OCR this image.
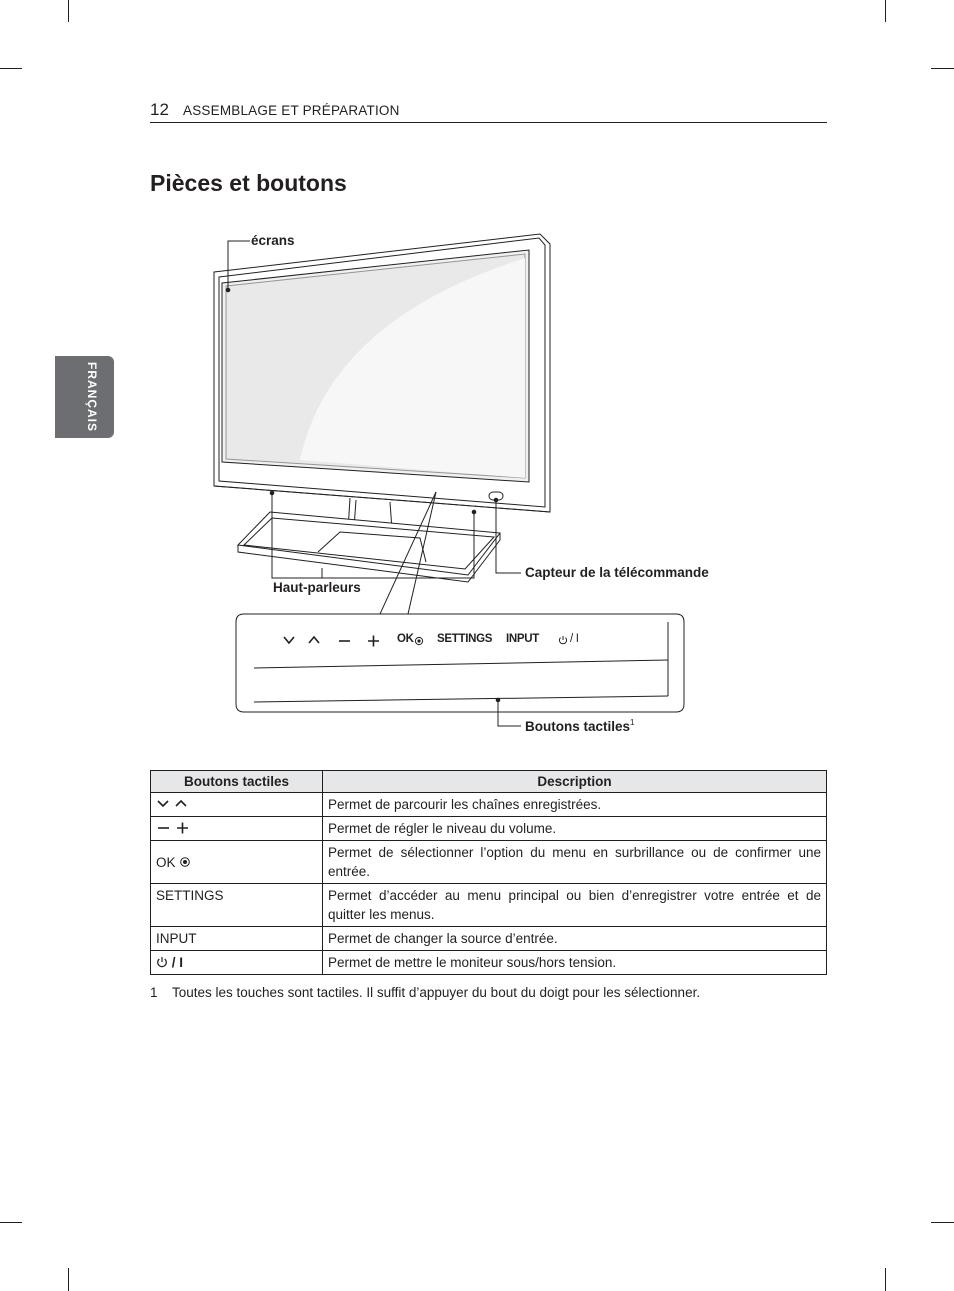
12 ASSEMBLAGE ET PRÉPARATION
FRANÇAIS
Pièces et boutons
OK SETTINGS INPUT	/ I
écrans
Haut-parleurs
Capteur de la télécommande
Boutons tactiles$^1$
Boutons tactiles	Description
	Permet de parcourir les chaînes enregistrées.
	Permet de régler le niveau du volume.
OK	Permet de sélectionner l’option du menu en surbrillance ou de confirmer une entrée.
SETTINGS	Permet d’accéder au menu principal ou bien d’enregistrer votre entrée et de quitter les menus.
INPUT	Permet de changer la source d’entrée.
/ I	Permet de mettre le moniteur sous/hors tension.
1 Toutes les touches sont tactiles. Il suffit d’appuyer du bout du doigt pour les sélectionner.
